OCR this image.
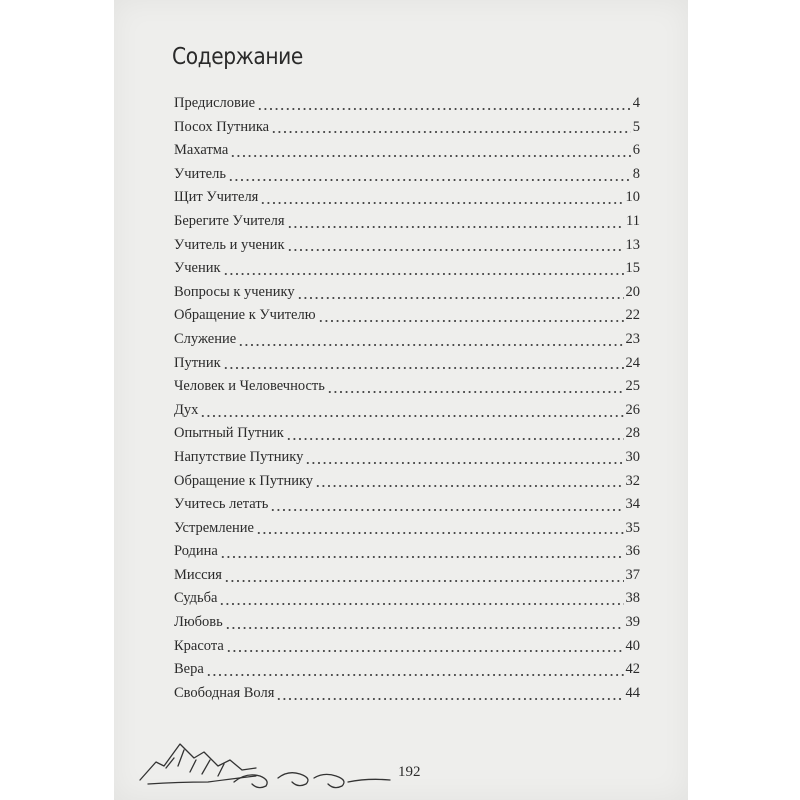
Содержание
Предисловие	4
Посох Путника	5
Махатма	6
Учитель	8
Щит Учителя	10
Берегите Учителя	11
Учитель и ученик	13
Ученик	15
Вопросы к ученику	20
Обращение к Учителю	22
Служение	23
Путник	24
Человек и Человечность	25
Дух	26
Опытный Путник	28
Напутствие Путнику	30
Обращение к Путнику	32
Учитесь летать	34
Устремление	35
Родина	36
Миссия	37
Судьба	38
Любовь	39
Красота	40
Вера	42
Свободная Воля	44
192
